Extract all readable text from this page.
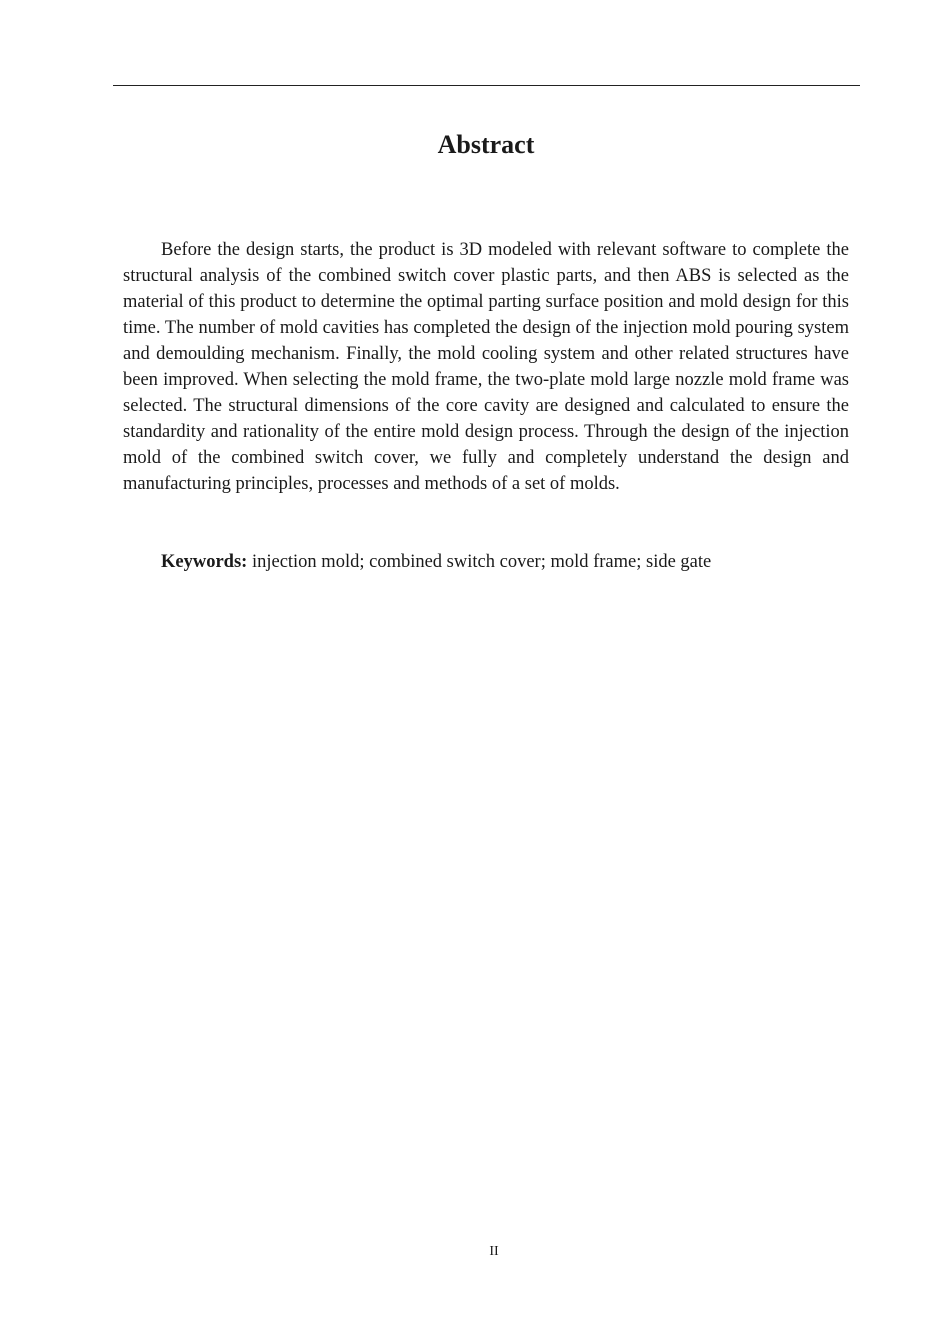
Abstract

Before the design starts, the product is 3D modeled with relevant software to complete the structural analysis of the combined switch cover plastic parts, and then ABS is selected as the material of this product to determine the optimal parting surface position and mold design for this time. The number of mold cavities has completed the design of the injection mold pouring system and demoulding mechanism. Finally, the mold cooling system and other related structures have been improved. When selecting the mold frame, the two-plate mold large nozzle mold frame was selected. The structural dimensions of the core cavity are designed and calculated to ensure the standardity and rationality of the entire mold design process. Through the design of the injection mold of the combined switch cover, we fully and completely understand the design and manufacturing principles, processes and methods of a set of molds.

Keywords: injection mold; combined switch cover; mold frame; side gate

II
